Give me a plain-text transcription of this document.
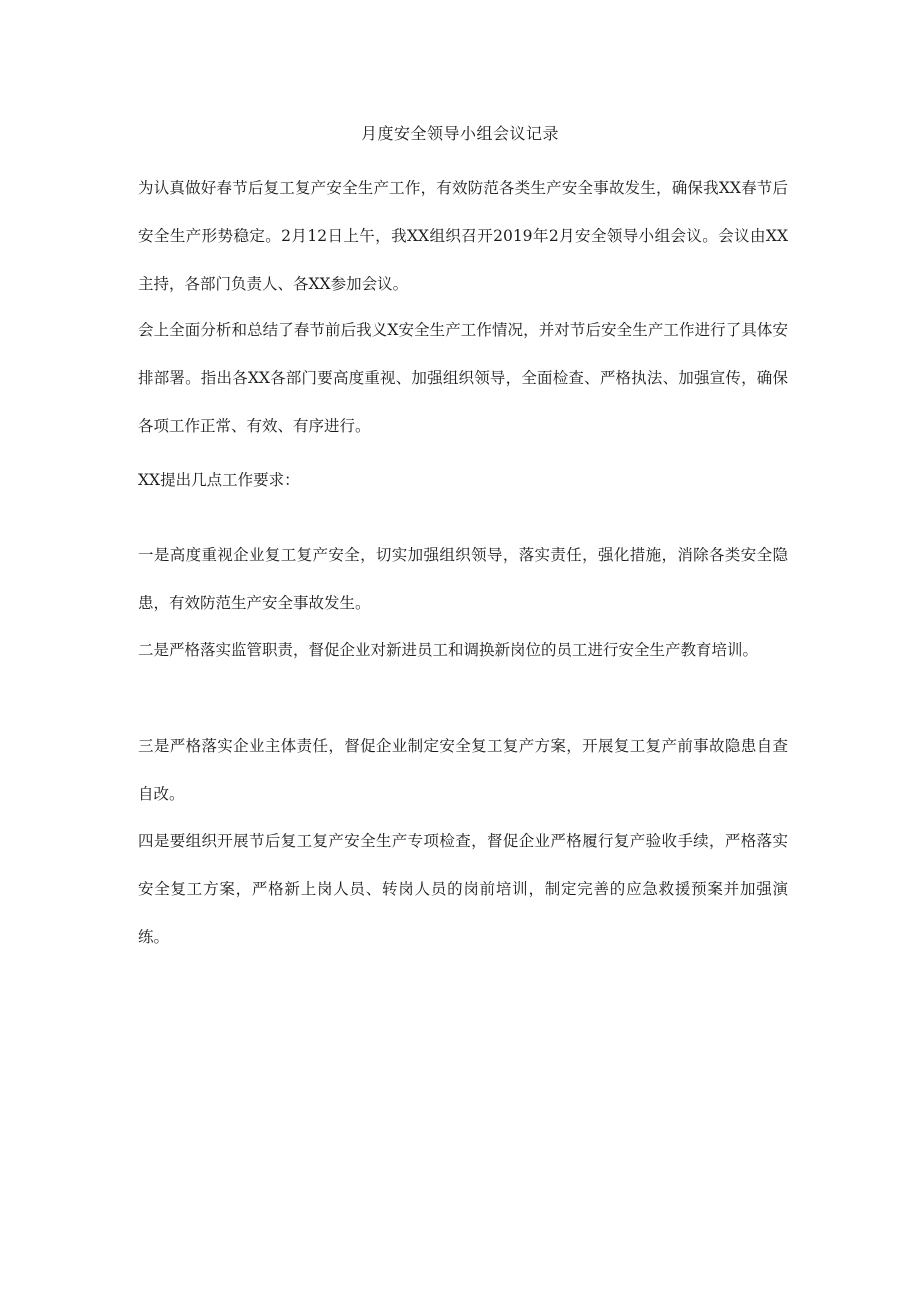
月度安全领导小组会议记录

为认真做好春节后复工复产安全生产工作，有效防范各类生产安全事故发生，确保我XX春节后安全生产形势稳定。2月12日上午，我XX组织召开2019年2月安全领导小组会议。会议由XX主持，各部门负责人、各XX参加会议。

会上全面分析和总结了春节前后我义X安全生产工作情况，并对节后安全生产工作进行了具体安排部署。指出各XX各部门要高度重视、加强组织领导，全面检查、严格执法、加强宣传，确保各项工作正常、有效、有序进行。

XX提出几点工作要求：

一是高度重视企业复工复产安全，切实加强组织领导，落实责任，强化措施，消除各类安全隐患，有效防范生产安全事故发生。

二是严格落实监管职责，督促企业对新进员工和调换新岗位的员工进行安全生产教育培训。

三是严格落实企业主体责任，督促企业制定安全复工复产方案，开展复工复产前事故隐患自查自改。

四是要组织开展节后复工复产安全生产专项检查，督促企业严格履行复产验收手续，严格落实安全复工方案，严格新上岗人员、转岗人员的岗前培训，制定完善的应急救援预案并加强演练。
